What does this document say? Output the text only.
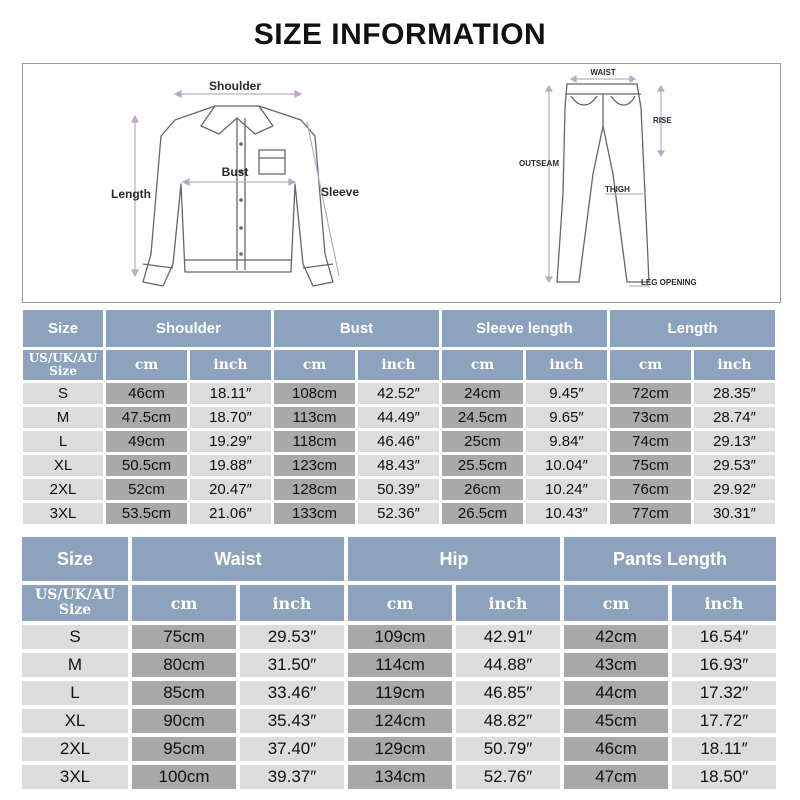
SIZE INFORMATION
Shoulder
Bust
Length	Sleeve
WAIST
RISE
OUTSEAM
THIGH
LEG OPENING
Size	Shoulder		Bust		Sleeve length		Length	
US/UK/AU Size	cm	inch	cm	inch	cm	inch	cm	inch
S	46cm	18.11″	108cm	42.52″	24cm	9.45″	72cm	28.35″
M	47.5cm	18.70″	113cm	44.49″	24.5cm	9.65″	73cm	28.74″
L	49cm	19.29″	118cm	46.46″	25cm	9.84″	74cm	29.13″
XL	50.5cm	19.88″	123cm	48.43″	25.5cm	10.04″	75cm	29.53″
2XL	52cm	20.47″	128cm	50.39″	26cm	10.24″	76cm	29.92″
3XL	53.5cm	21.06″	133cm	52.36″	26.5cm	10.43″	77cm	30.31″
Size	Waist		Hip		Pants Length	
US/UK/AU Size	cm	inch	cm	inch	cm	inch
S	75cm	29.53″	109cm	42.91″	42cm	16.54″
M	80cm	31.50″	114cm	44.88″	43cm	16.93″
L	85cm	33.46″	119cm	46.85″	44cm	17.32″
XL	90cm	35.43″	124cm	48.82″	45cm	17.72″
2XL	95cm	37.40″	129cm	50.79″	46cm	18.11″
3XL	100cm	39.37″	134cm	52.76″	47cm	18.50″
